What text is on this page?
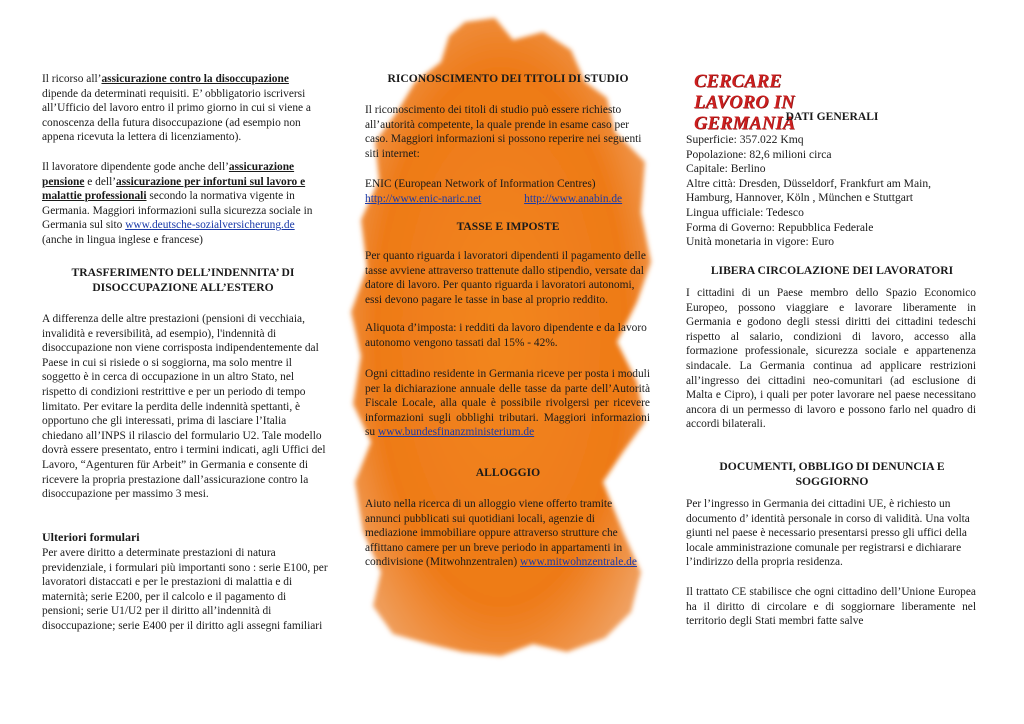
Il ricorso all’assicurazione contro la disoccupazione dipende da determinati requisiti. E’ obbligatorio iscriversi all’Ufficio del lavoro entro il primo giorno in cui si viene a conoscenza della futura disoccupazione (ad esempio non appena ricevuta la lettera di licenziamento).

Il lavoratore dipendente gode anche dell’assicurazione pensione e dell’assicurazione per infortuni sul lavoro e malattie professionali secondo la normativa vigente in Germania. Maggiori informazioni sulla sicurezza sociale in Germania sul sito www.deutsche-sozialversicherung.de (anche in lingua inglese e francese)

TRASFERIMENTO DELL’INDENNITA’ DI DISOCCUPAZIONE ALL’ESTERO

A differenza delle altre prestazioni (pensioni di vecchiaia, invalidità e reversibilità, ad esempio), l'indennità di disoccupazione non viene corrisposta indipendentemente dal Paese in cui si risiede o si soggiorna, ma solo mentre il soggetto è in cerca di occupazione in un altro Stato, nel rispetto di condizioni restrittive e per un periodo di tempo limitato. Per evitare la perdita delle indennità spettanti, è opportuno che gli interessati, prima di lasciare l’Italia chiedano all’INPS il rilascio del formulario U2. Tale modello dovrà essere presentato, entro i termini indicati, agli Uffici del Lavoro, “Agenturen für Arbeit” in Germania e consente di ricevere la propria prestazione dall’assicurazione contro la disoccupazione per massimo 3 mesi.

Ulteriori formulari

Per avere diritto a determinate prestazioni di natura previdenziale, i formulari più importanti sono : serie E100, per lavoratori distaccati e per le prestazioni di malattia e di maternità; serie E200, per il calcolo e il pagamento di pensioni; serie U1/U2 per il diritto all’indennità di disoccupazione; serie E400 per il diritto agli assegni familiari

RICONOSCIMENTO DEI TITOLI DI STUDIO

Il riconoscimento dei titoli di studio può essere richiesto all’autorità competente, la quale prende in esame caso per caso. Maggiori informazioni si possono reperire nei seguenti siti internet:

ENIC (European Network of Information Centres)
http://www.enic-naric.net	http://www.anabin.de

TASSE E IMPOSTE

Per quanto riguarda i lavoratori dipendenti il pagamento delle tasse avviene attraverso trattenute dallo stipendio, versate dal datore di lavoro. Per quanto riguarda i lavoratori autonomi, essi devono pagare le tasse in base al proprio reddito.

Aliquota d’imposta: i redditi da lavoro dipendente e da lavoro autonomo vengono tassati dal 15% - 42%.

Ogni cittadino residente in Germania riceve per posta i moduli per la dichiarazione annuale delle tasse da parte dell’Autorità Fiscale Locale, alla quale è possibile rivolgersi per ricevere informazioni sugli obblighi tributari. Maggiori informazioni su www.bundesfinanzministerium.de

ALLOGGIO

Aiuto nella ricerca di un alloggio viene offerto tramite annunci pubblicati sui quotidiani locali, agenzie di mediazione immobiliare oppure attraverso strutture che affittano camere per un breve periodo in appartamenti in condivisione (Mitwohnzentralen) www.mitwohnzentrale.de

CERCARE LAVORO IN GERMANIA

DATI GENERALI

Superficie: 357.022 Kmq
Popolazione: 82,6 milioni circa
Capitale: Berlino
Altre città: Dresden, Düsseldorf, Frankfurt am Main, Hamburg, Hannover, Köln , München e Stuttgart
Lingua ufficiale: Tedesco
Forma di Governo: Repubblica Federale
Unità monetaria in vigore: Euro

LIBERA CIRCOLAZIONE DEI LAVORATORI

I cittadini di un Paese membro dello Spazio Economico Europeo, possono viaggiare e lavorare liberamente in Germania e godono degli stessi diritti dei cittadini tedeschi rispetto al salario, condizioni di lavoro, accesso alla formazione professionale, sicurezza sociale e appartenenza sindacale. La Germania continua ad applicare restrizioni all’ingresso dei cittadini neo-comunitari (ad esclusione di Malta e Cipro), i quali per poter lavorare nel paese necessitano ancora di un permesso di lavoro e possono farlo nel quadro di accordi bilaterali.

DOCUMENTI, OBBLIGO DI DENUNCIA E SOGGIORNO

Per l’ingresso in Germania dei cittadini UE, è richiesto un documento d’ identità personale in corso di validità. Una volta giunti nel paese è necessario presentarsi presso gli uffici della locale amministrazione comunale per registrarsi e dichiarare l’indirizzo della propria residenza.

Il trattato CE stabilisce che ogni cittadino dell’Unione Europea ha il diritto di circolare e di soggiornare liberamente nel territorio degli Stati membri fatte salve
